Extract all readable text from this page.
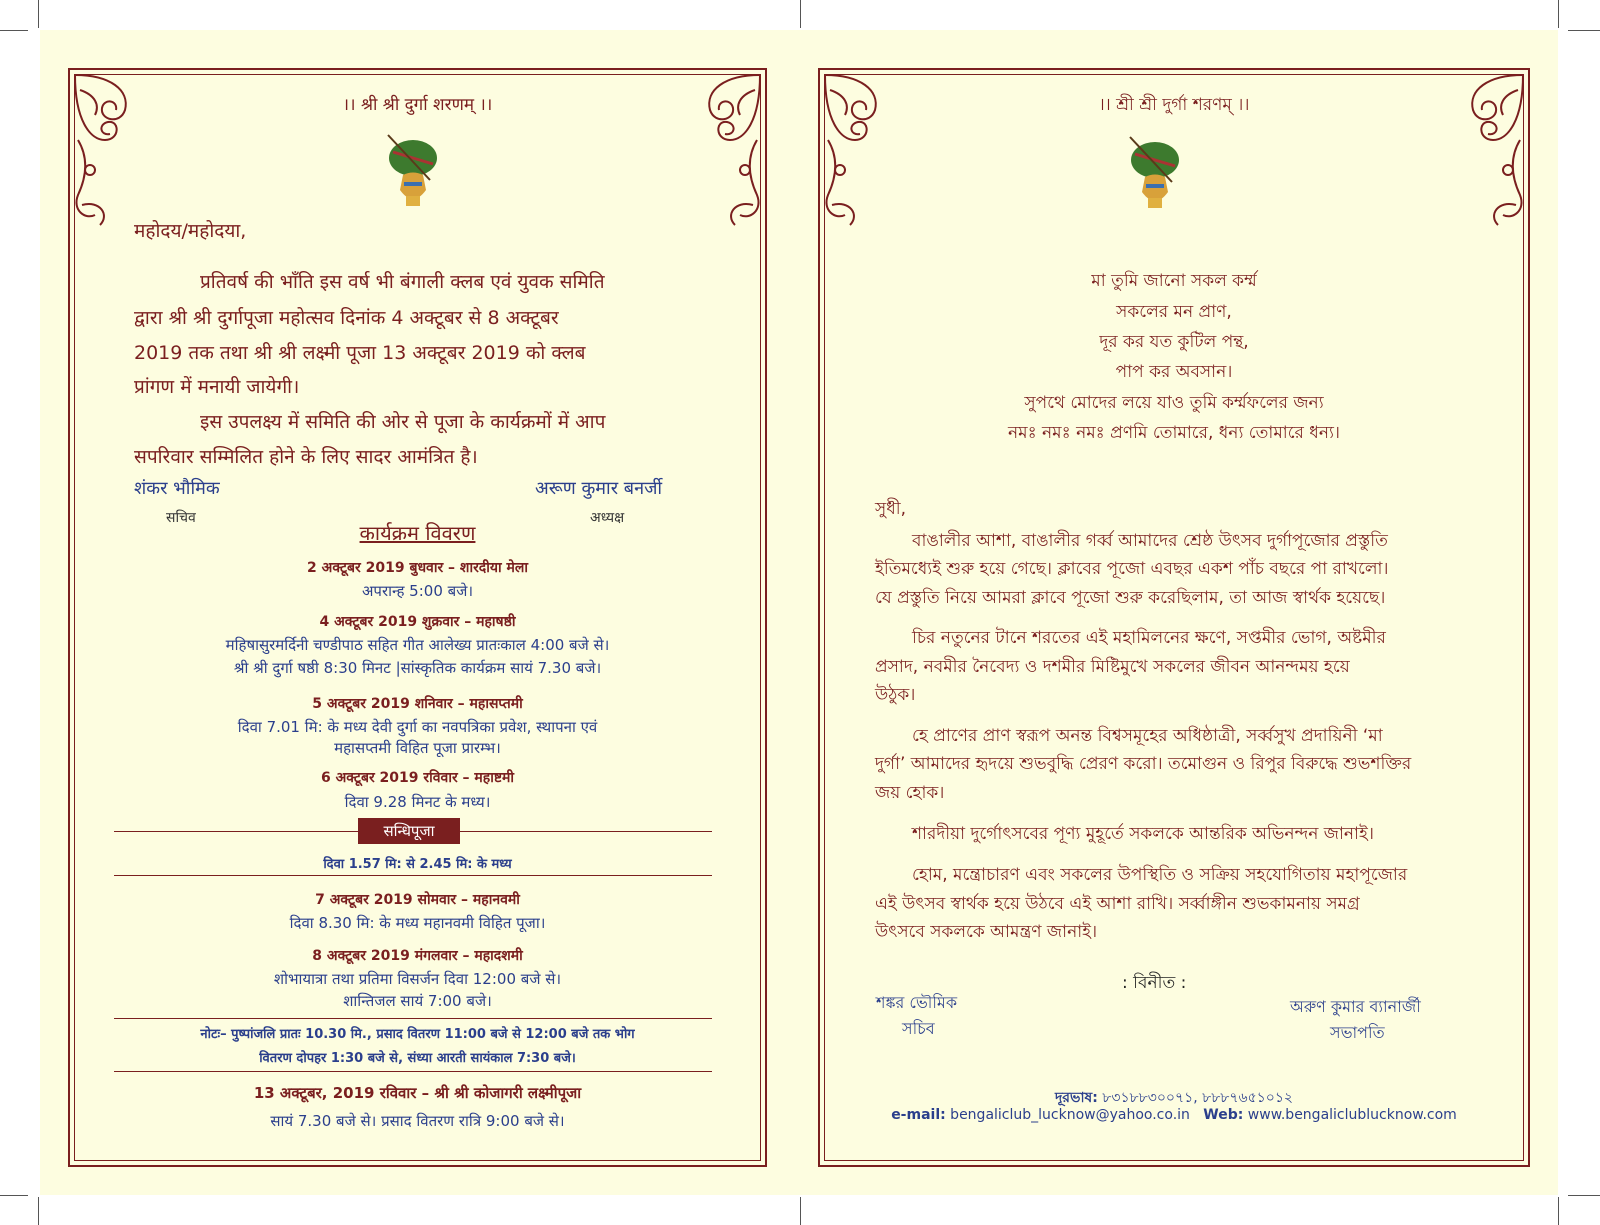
।। श्री श्री दुर्गा शरणम् ।।
महोदय/महोदया,
प्रतिवर्ष की भाँति इस वर्ष भी बंगाली क्लब एवं युवक समिति
द्वारा श्री श्री दुर्गापूजा महोत्सव दिनांक 4 अक्टूबर से 8 अक्टूबर
2019 तक तथा श्री श्री लक्ष्मी पूजा 13 अक्टूबर 2019 को क्लब
प्रांगण में मनायी जायेगी।
इस उपलक्ष्य में समिति की ओर से पूजा के कार्यक्रमों में आप
सपरिवार सम्मिलित होने के लिए सादर आमंत्रित है।
शंकर भौमिक	अरूण कुमार बनर्जी
सचिव	अध्यक्ष
कार्यक्रम विवरण
2 अक्टूबर 2019 बुधवार – शारदीया मेला
अपरान्ह 5:00 बजे।
4 अक्टूबर 2019 शुक्रवार – महाषष्ठी
महिषासुरमर्दिनी चण्डीपाठ सहित गीत आलेख्य प्रातःकाल 4:00 बजे से।
श्री श्री दुर्गा षष्ठी 8:30 मिनट |सांस्कृतिक कार्यक्रम सायं 7.30 बजे।
5 अक्टूबर 2019 शनिवार – महासप्तमी
दिवा 7.01 मि: के मध्य देवी दुर्गा का नवपत्रिका प्रवेश, स्थापना एवं
महासप्तमी विहित पूजा प्रारम्भ।
6 अक्टूबर 2019 रविवार – महाष्टमी
दिवा 9.28 मिनट के मध्य।
सन्धिपूजा
दिवा 1.57 मि: से 2.45 मि: के मध्य
7 अक्टूबर 2019 सोमवार – महानवमी
दिवा 8.30 मि: के मध्य महानवमी विहित पूजा।
8 अक्टूबर 2019 मंगलवार – महादशमी
शोभायात्रा तथा प्रतिमा विसर्जन दिवा 12:00 बजे से।
शान्तिजल सायं 7:00 बजे।
नोटः– पुष्पांजलि प्रातः 10.30 मि., प्रसाद वितरण 11:00 बजे से 12:00 बजे तक भोग
वितरण दोपहर 1:30 बजे से, संध्या आरती सायंकाल 7:30 बजे।
13 अक्टूबर, 2019 रविवार – श्री श्री कोजागरी लक्ष्मीपूजा
सायं 7.30 बजे से। प्रसाद वितरण रात्रि 9:00 बजे से।
।। শ্রী শ্রী দুর্গা শরণম্ ।।
মা তুমি জানো সকল কর্ম্ম
সকলের মন প্রাণ,
দূর কর যত কুটিল পন্থ,
পাপ কর অবসান।
সুপথে মোদের লয়ে যাও তুমি কর্ম্মফলের জন্য
নমঃ নমঃ নমঃ প্রণমি তোমারে, ধন্য তোমারে ধন্য।
সুধী,
বাঙালীর আশা, বাঙালীর গর্ব্ব আমাদের শ্রেষ্ঠ উৎসব দুর্গাপূজোর প্রস্তুতি
ইতিমধ্যেই শুরু হয়ে গেছে। ক্লাবের পূজো এবছর একশ পাঁচ বছরে পা রাখলো।
যে প্রস্তুতি নিয়ে আমরা ক্লাবে পূজো শুরু করেছিলাম, তা আজ স্বার্থক হয়েছে।
চির নতুনের টানে শরতের এই মহামিলনের ক্ষণে, সপ্তমীর ভোগ, অষ্টমীর
প্রসাদ, নবমীর নৈবেদ্য ও দশমীর মিষ্টিমুখে সকলের জীবন আনন্দময় হয়ে
উঠুক।
হে প্রাণের প্রাণ স্বরূপ অনন্ত বিশ্বসমূহের অধিষ্ঠাত্রী, সর্ব্বসুখ প্রদায়িনী ‘মা
দুর্গা’ আমাদের হৃদয়ে শুভবুদ্ধি প্রেরণ করো। তমোগুন ও রিপুর বিরুদ্ধে শুভশক্তির
জয় হোক।
শারদীয়া দুর্গোৎসবের পূণ্য মুহূর্তে সকলকে আন্তরিক অভিনন্দন জানাই।
হোম, মন্ত্রোচারণ এবং সকলের উপস্থিতি ও সক্রিয় সহযোগিতায় মহাপূজোর
এই উৎসব স্বার্থক হয়ে উঠবে এই আশা রাখি। সর্ব্বাঙ্গীন শুভকামনায় সমগ্র
উৎসবে সকলকে আমন্ত্রণ জানাই।
: বিনীত :
শঙ্কর ভৌমিক
সচিব
অরুণ কুমার ব্যানার্জী
সভাপতি
দূরভাষ: ৮৩১৮৮৩০০৭১, ৮৮৮৭৬৫১০১২
e-mail: bengaliclub_lucknow@yahoo.co.in Web: www.bengaliclublucknow.com
